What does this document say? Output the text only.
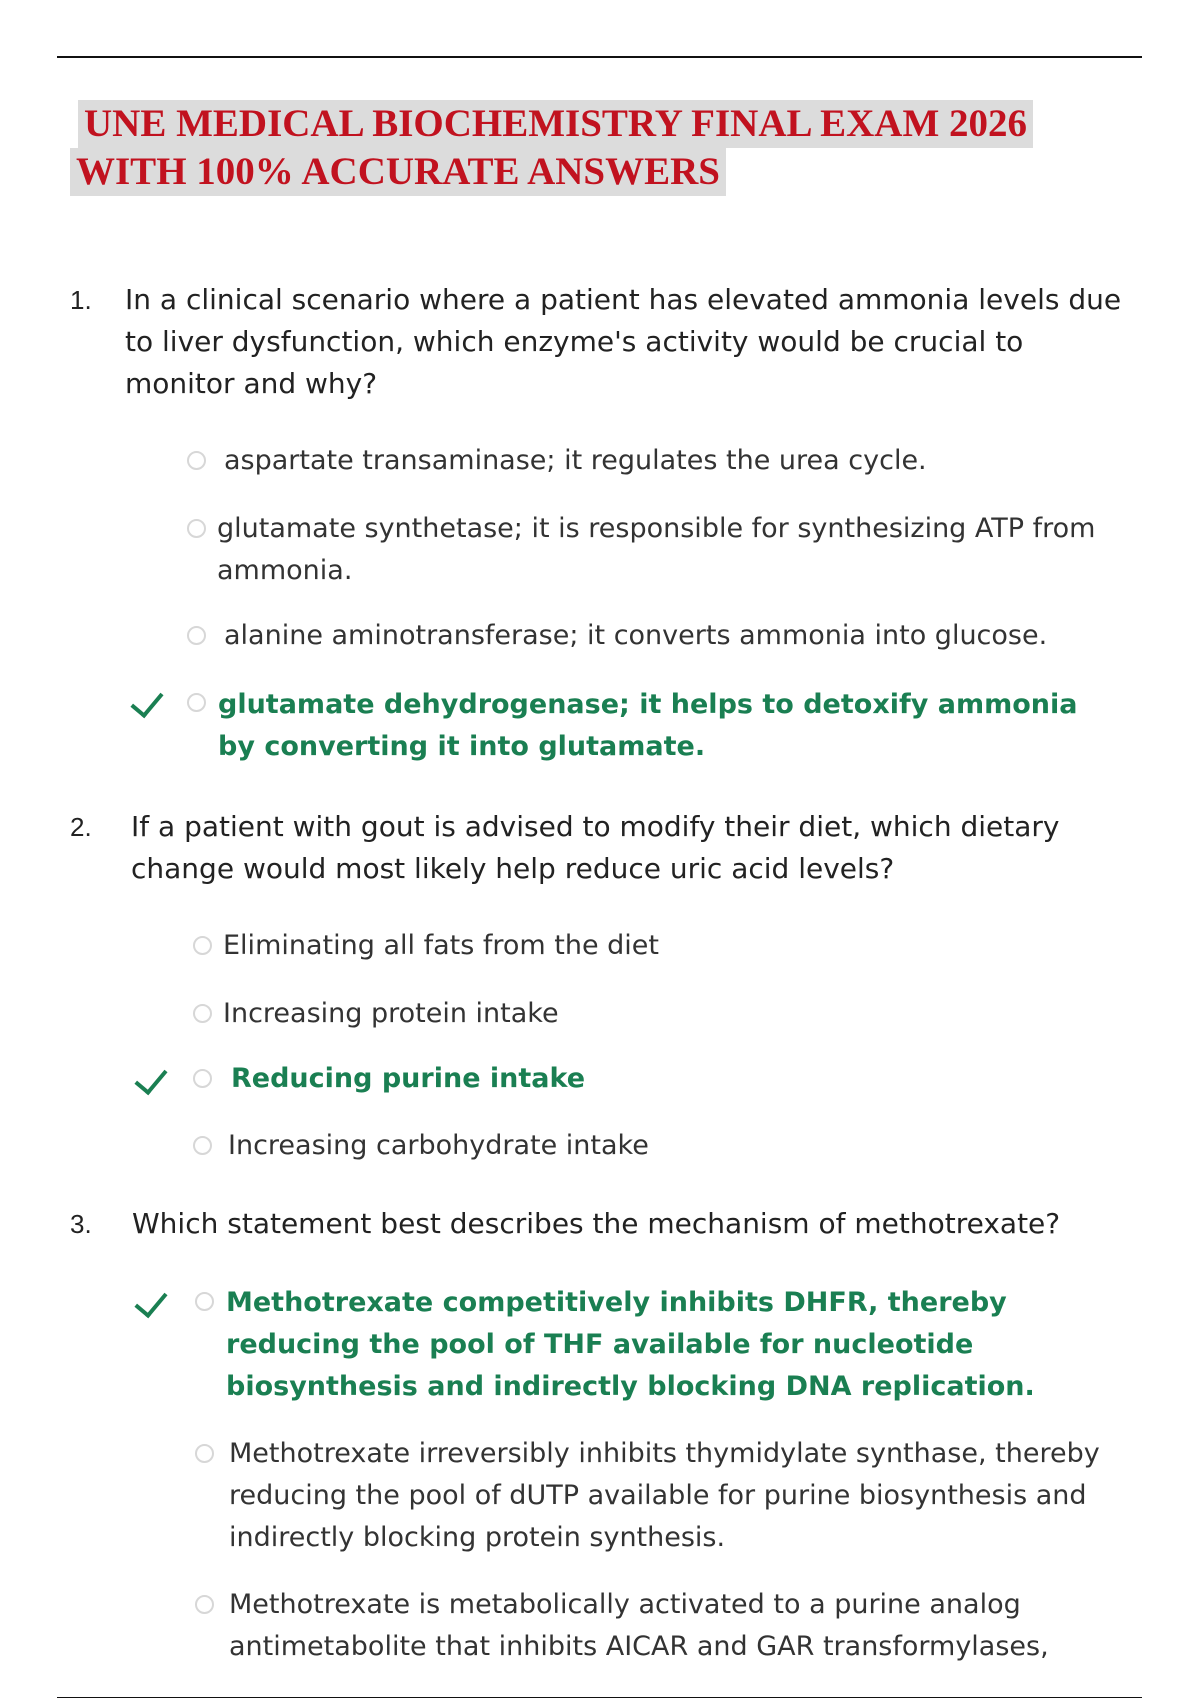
UNE MEDICAL BIOCHEMISTRY FINAL EXAM 2026
WITH 100% ACCURATE ANSWERS
1. In a clinical scenario where a patient has elevated ammonia levels due to liver dysfunction, which enzyme's activity would be crucial to monitor and why?

aspartate transaminase; it regulates the urea cycle.

glutamate synthetase; it is responsible for synthesizing ATP from ammonia.

alanine aminotransferase; it converts ammonia into glucose.

glutamate dehydrogenase; it helps to detoxify ammonia by converting it into glutamate.

2. If a patient with gout is advised to modify their diet, which dietary change would most likely help reduce uric acid levels?

Eliminating all fats from the diet

Increasing protein intake

Reducing purine intake

Increasing carbohydrate intake

3. Which statement best describes the mechanism of methotrexate?

Methotrexate competitively inhibits DHFR, thereby reducing the pool of THF available for nucleotide biosynthesis and indirectly blocking DNA replication.

Methotrexate irreversibly inhibits thymidylate synthase, thereby reducing the pool of dUTP available for purine biosynthesis and indirectly blocking protein synthesis.

Methotrexate is metabolically activated to a purine analog antimetabolite that inhibits AICAR and GAR transformylases,
